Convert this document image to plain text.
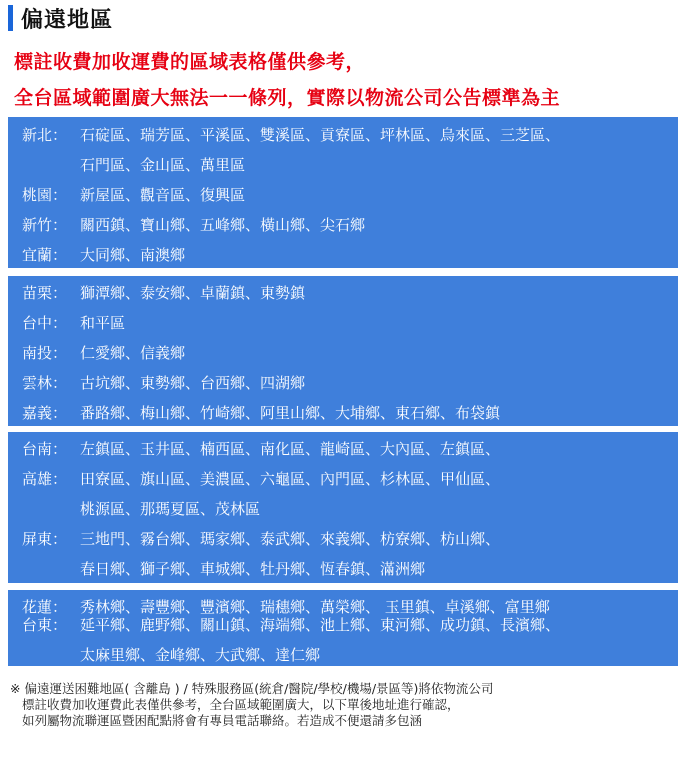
偏遠地區
標註收費加收運費的區域表格僅供參考，
全台區域範圍廣大無法一一條列，實際以物流公司公告標準為主
新北： 石碇區、瑞芳區、平溪區、雙溪區、貢寮區、坪林區、烏來區、三芝區、
石門區、金山區、萬里區
桃園： 新屋區、觀音區、復興區
新竹： 關西鎮、寶山鄉、五峰鄉、橫山鄉、尖石鄉
宜蘭： 大同鄉、南澳鄉
苗栗： 獅潭鄉、泰安鄉、卓蘭鎮、東勢鎮
台中： 和平區
南投： 仁愛鄉、信義鄉
雲林： 古坑鄉、東勢鄉、台西鄉、四湖鄉
嘉義： 番路鄉、梅山鄉、竹崎鄉、阿里山鄉、大埔鄉、東石鄉、布袋鎮
台南： 左鎮區、玉井區、楠西區、南化區、龍崎區、大內區、左鎮區、
高雄： 田寮區、旗山區、美濃區、六龜區、內門區、杉林區、甲仙區、
桃源區、那瑪夏區、茂林區
屏東： 三地門、霧台鄉、瑪家鄉、泰武鄉、來義鄉、枋寮鄉、枋山鄉、
春日鄉、獅子鄉、車城鄉、牡丹鄉、恆春鎮、滿洲鄉
花蓮： 秀林鄉、壽豐鄉、豐濱鄉、瑞穗鄉、萬榮鄉、 玉里鎮、卓溪鄉、富里鄉
台東： 延平鄉、鹿野鄉、關山鎮、海端鄉、池上鄉、東河鄉、成功鎮、長濱鄉、
太麻里鄉、金峰鄉、大武鄉、達仁鄉
※ 偏遠運送困難地區( 含離島 ) / 特殊服務區(統倉/醫院/學校/機場/景區等)將依物流公司
標註收費加收運費此表僅供參考，全台區域範圍廣大，以下單後地址進行確認，
如列屬物流聯運區暨困配點將會有專員電話聯絡。若造成不便還請多包涵
